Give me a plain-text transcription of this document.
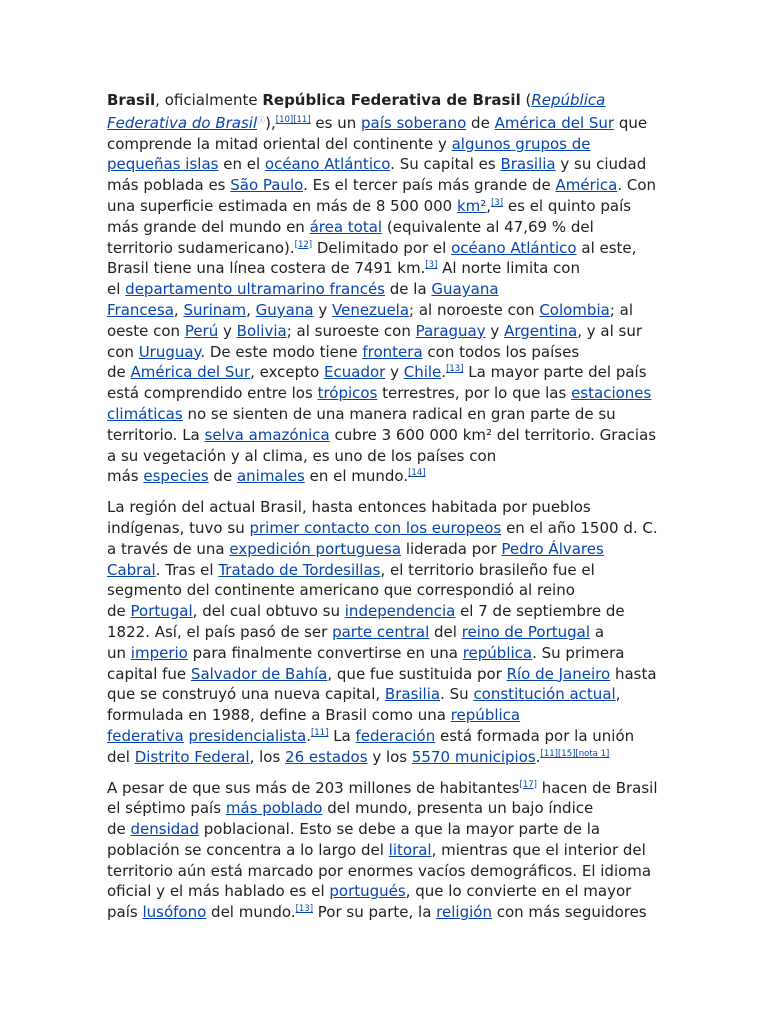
Brasil, oficialmente República Federativa de Brasil (República
Federativa do Brasilⓘ),[10][11] es un país soberano de América del Sur que
comprende la mitad oriental del continente y algunos grupos de
pequeñas islas en el océano Atlántico. Su capital es Brasilia y su ciudad
más poblada es São Paulo. Es el tercer país más grande de América. Con
una superficie estimada en más de 8 500 000 km²,[3] es el quinto país
más grande del mundo en área total (equivalente al 47,69 % del
territorio sudamericano).[12] Delimitado por el océano Atlántico al este,
Brasil tiene una línea costera de 7491 km.[3] Al norte limita con
el departamento ultramarino francés de la Guayana
Francesa, Surinam, Guyana y Venezuela; al noroeste con Colombia; al
oeste con Perú y Bolivia; al suroeste con Paraguay y Argentina, y al sur
con Uruguay. De este modo tiene frontera con todos los países
de América del Sur, excepto Ecuador y Chile.[13] La mayor parte del país
está comprendido entre los trópicos terrestres, por lo que las estaciones
climáticas no se sienten de una manera radical en gran parte de su
territorio. La selva amazónica cubre 3 600 000 km² del territorio. Gracias
a su vegetación y al clima, es uno de los países con
más especies de animales en el mundo.[14]

La región del actual Brasil, hasta entonces habitada por pueblos
indígenas, tuvo su primer contacto con los europeos en el año 1500 d. C.
a través de una expedición portuguesa liderada por Pedro Álvares
Cabral. Tras el Tratado de Tordesillas, el territorio brasileño fue el
segmento del continente americano que correspondió al reino
de Portugal, del cual obtuvo su independencia el 7 de septiembre de
1822. Así, el país pasó de ser parte central del reino de Portugal a
un imperio para finalmente convertirse en una república. Su primera
capital fue Salvador de Bahía, que fue sustituida por Río de Janeiro hasta
que se construyó una nueva capital, Brasilia. Su constitución actual,
formulada en 1988, define a Brasil como una república
federativa presidencialista.[11] La federación está formada por la unión
del Distrito Federal, los 26 estados y los 5570 municipios.[11][15][nota 1]

A pesar de que sus más de 203 millones de habitantes[17] hacen de Brasil
el séptimo país más poblado del mundo, presenta un bajo índice
de densidad poblacional. Esto se debe a que la mayor parte de la
población se concentra a lo largo del litoral, mientras que el interior del
territorio aún está marcado por enormes vacíos demográficos. El idioma
oficial y el más hablado es el portugués, que lo convierte en el mayor
país lusófono del mundo.[13] Por su parte, la religión con más seguidores
